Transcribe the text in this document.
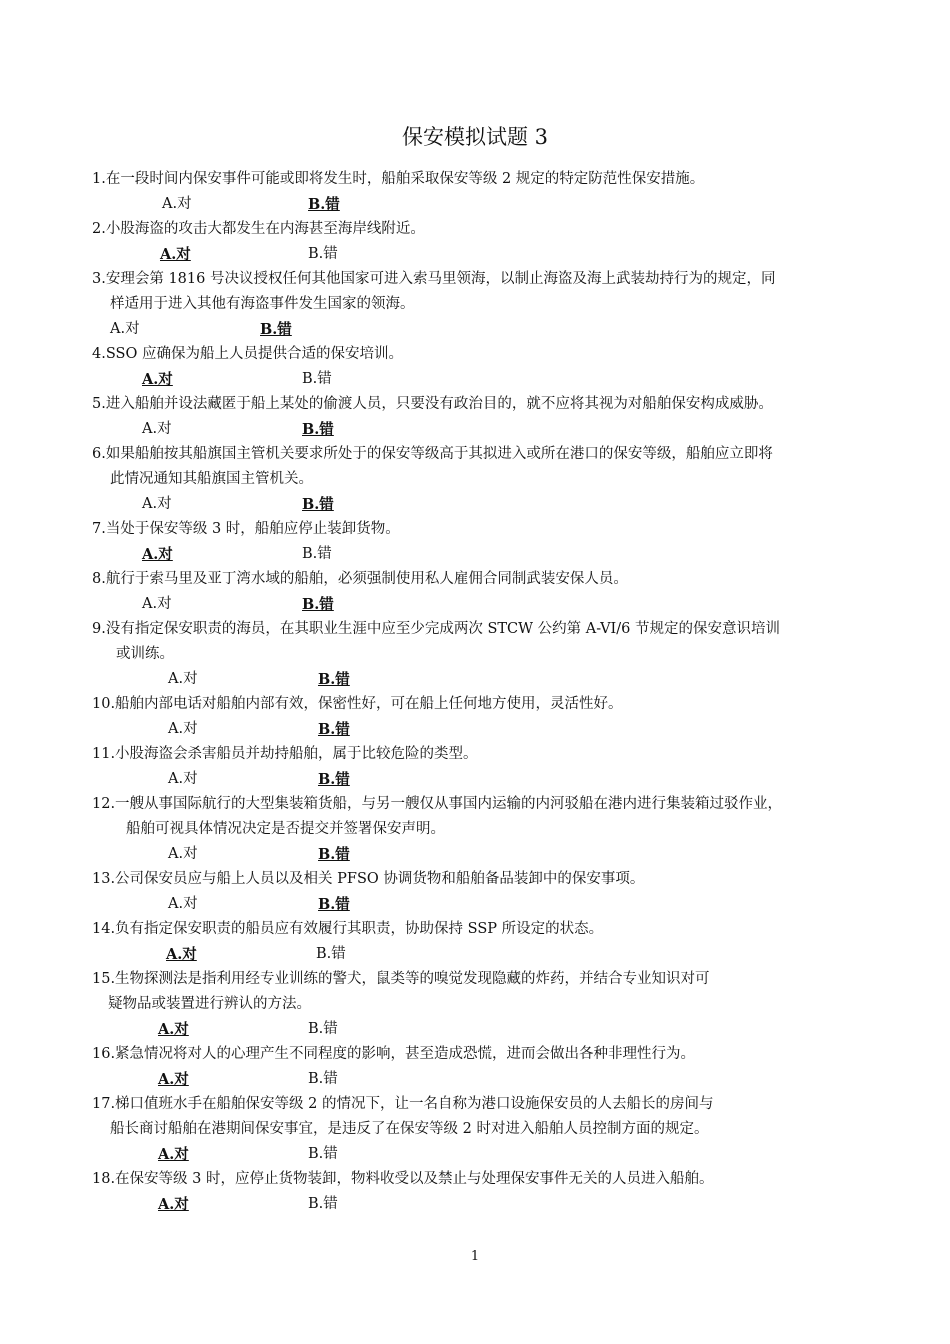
保安模拟试题 3
1.在一段时间内保安事件可能或即将发生时，船舶采取保安等级 2 规定的特定防范性保安措施。
A.对	B.错
2.小股海盗的攻击大都发生在内海甚至海岸线附近。
A.对	B.错
3.安理会第 1816 号决议授权任何其他国家可进入索马里领海，以制止海盗及海上武装劫持行为的规定，同
样适用于进入其他有海盗事件发生国家的领海。
A.对	B.错
4.SSO 应确保为船上人员提供合适的保安培训。
A.对	B.错
5.进入船舶并设法藏匿于船上某处的偷渡人员，只要没有政治目的，就不应将其视为对船舶保安构成威胁。
A.对	B.错
6.如果船舶按其船旗国主管机关要求所处于的保安等级高于其拟进入或所在港口的保安等级，船舶应立即将
此情况通知其船旗国主管机关。
A.对	B.错
7.当处于保安等级 3 时，船舶应停止装卸货物。
A.对	B.错
8.航行于索马里及亚丁湾水域的船舶，必须强制使用私人雇佣合同制武装安保人员。
A.对	B.错
9.没有指定保安职责的海员，在其职业生涯中应至少完成两次 STCW 公约第 A-VI/6 节规定的保安意识培训
或训练。
A.对	B.错
10.船舶内部电话对船舶内部有效，保密性好，可在船上任何地方使用，灵活性好。
A.对	B.错
11.小股海盗会杀害船员并劫持船舶，属于比较危险的类型。
A.对	B.错
12.一艘从事国际航行的大型集装箱货船，与另一艘仅从事国内运输的内河驳船在港内进行集装箱过驳作业，
船舶可视具体情况决定是否提交并签署保安声明。
A.对	B.错
13.公司保安员应与船上人员以及相关 PFSO 协调货物和船舶备品装卸中的保安事项。
A.对	B.错
14.负有指定保安职责的船员应有效履行其职责，协助保持 SSP 所设定的状态。
A.对	B.错
15.生物探测法是指利用经专业训练的警犬，鼠类等的嗅觉发现隐藏的炸药，并结合专业知识对可
疑物品或装置进行辨认的方法。
A.对	B.错
16.紧急情况将对人的心理产生不同程度的影响，甚至造成恐慌，进而会做出各种非理性行为。
A.对	B.错
17.梯口值班水手在船舶保安等级 2 的情况下，让一名自称为港口设施保安员的人去船长的房间与
船长商讨船舶在港期间保安事宜，是违反了在保安等级 2 时对进入船舶人员控制方面的规定。
A.对	B.错
18.在保安等级 3 时，应停止货物装卸，物料收受以及禁止与处理保安事件无关的人员进入船舶。
A.对	B.错
1
